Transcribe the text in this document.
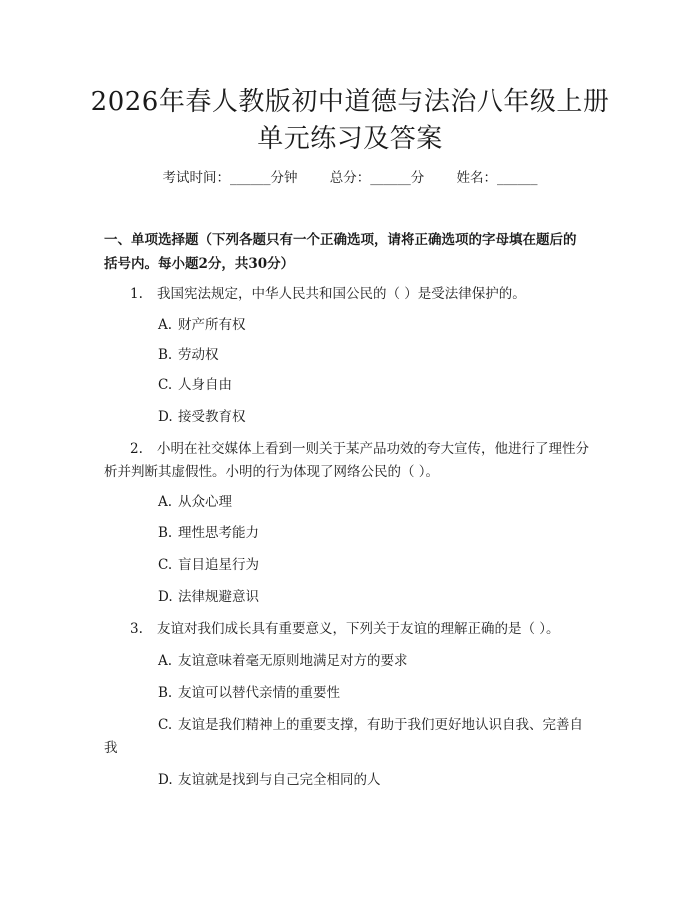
2026年春人教版初中道德与法治八年级上册
单元练习及答案
考试时间：______分钟 总分：______分 姓名：______
一、单项选择题（下列各题只有一个正确选项，请将正确选项的字母填在题后的
括号内。每小题2分，共30分）
1. 我国宪法规定，中华人民共和国公民的（ ）是受法律保护的。
A. 财产所有权
B. 劳动权
C. 人身自由
D. 接受教育权
2. 小明在社交媒体上看到一则关于某产品功效的夸大宣传，他进行了理性分
析并判断其虚假性。小明的行为体现了网络公民的（ ）。
A. 从众心理
B. 理性思考能力
C. 盲目追星行为
D. 法律规避意识
3. 友谊对我们成长具有重要意义，下列关于友谊的理解正确的是（ ）。
A. 友谊意味着毫无原则地满足对方的要求
B. 友谊可以替代亲情的重要性
C. 友谊是我们精神上的重要支撑，有助于我们更好地认识自我、完善自
我
D. 友谊就是找到与自己完全相同的人
